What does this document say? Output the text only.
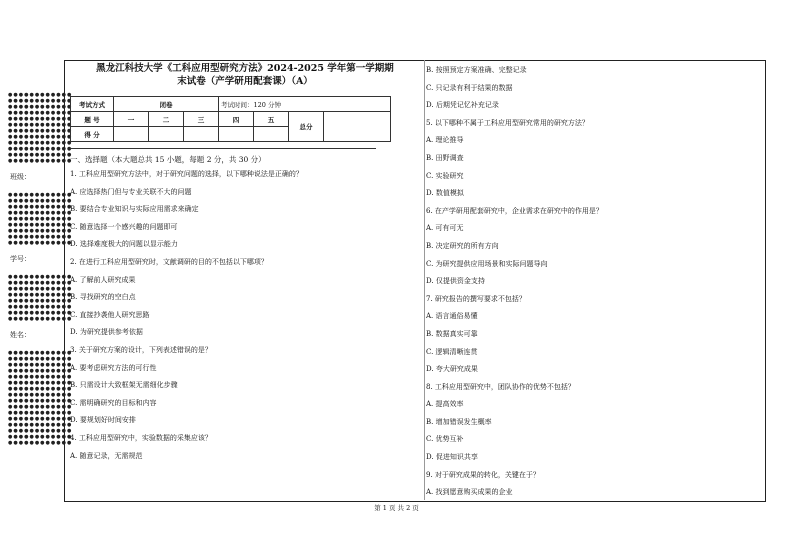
●●●●●●●●●●●●
●●●●●●●●●●●●
●●●●●●●●●●●●
●●●●●●●●●●●●
●●●●●●●●●●●●
●●●●●●●●●●●●
●●●●●●●●●●●●
●●●●●●●●●●●●
●●●●●●●●●●●●
●●●●●●●●●●●●
●●●●●●●●●●●●
●●●●●●●●●●●●
班级：
●●●●●●●●●●●●
●●●●●●●●●●●●
●●●●●●●●●●●●
●●●●●●●●●●●●
●●●●●●●●●●●●
●●●●●●●●●●●●
●●●●●●●●●●●●
●●●●●●●●●●●●
●●●●●●●●●●●●
学号：
●●●●●●●●●●●●
●●●●●●●●●●●●
●●●●●●●●●●●●
●●●●●●●●●●●●
●●●●●●●●●●●●
●●●●●●●●●●●●
●●●●●●●●●●●●
●●●●●●●●●●●●
姓名：
●●●●●●●●●●●●
●●●●●●●●●●●●
●●●●●●●●●●●●
●●●●●●●●●●●●
●●●●●●●●●●●●
●●●●●●●●●●●●
●●●●●●●●●●●●
●●●●●●●●●●●●
●●●●●●●●●●●●
●●●●●●●●●●●●
●●●●●●●●●●●●
●●●●●●●●●●●●
●●●●●●●●●●●●
●●●●●●●●●●●●
●●●●●●●●●●●●
●●●●●●●●●●●●
黑龙江科技大学《工科应用型研究方法》2024-2025 学年第一学期期
末试卷（产学研用配套课）（A）
考试方式	闭卷			考试时间：120 分钟			
题 号	一	二	三	四	五	总分	
得 分							
一、选择题（本大题总共 15 小题，每题 2 分，共 30 分）
1. 工科应用型研究方法中，对于研究问题的选择，以下哪种说法是正确的？
A. 应选择热门但与专业关联不大的问题
B. 要结合专业知识与实际应用需求来确定
C. 随意选择一个感兴趣的问题即可
D. 选择难度极大的问题以显示能力
2. 在进行工科应用型研究时，文献调研的目的不包括以下哪项？
A. 了解前人研究成果
B. 寻找研究的空白点
C. 直接抄袭他人研究思路
D. 为研究提供参考依据
3. 关于研究方案的设计，下列表述错误的是？
A. 要考虑研究方法的可行性
B. 只需设计大致框架无需细化步骤
C. 需明确研究的目标和内容
D. 要规划好时间安排
4. 工科应用型研究中，实验数据的采集应该？
A. 随意记录，无需规范
B. 按照预定方案准确、完整记录
C. 只记录有利于结果的数据
D. 后期凭记忆补充记录
5. 以下哪种不属于工科应用型研究常用的研究方法？
A. 理论推导
B. 田野调查
C. 实验研究
D. 数值模拟
6. 在产学研用配套研究中，企业需求在研究中的作用是？
A. 可有可无
B. 决定研究的所有方向
C. 为研究提供应用场景和实际问题导向
D. 仅提供资金支持
7. 研究报告的撰写要求不包括？
A. 语言通俗易懂
B. 数据真实可靠
C. 逻辑清晰连贯
D. 夸大研究成果
8. 工科应用型研究中，团队协作的优势不包括？
A. 提高效率
B. 增加错误发生概率
C. 优势互补
D. 促进知识共享
9. 对于研究成果的转化，关键在于？
A. 找到愿意购买成果的企业
第 1 页 共 2 页
